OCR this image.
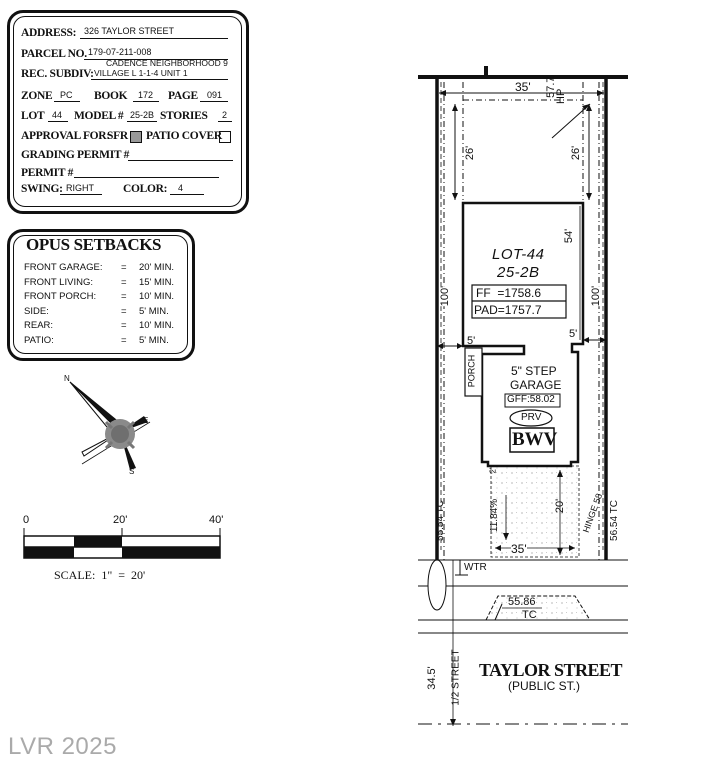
ADDRESS: 326 TAYLOR STREET
PARCEL NO. 179-07-211-008
REC. SUBDIV:
CADENCE NEIGHBORHOOD 9
VILLAGE L 1-1-4 UNIT 1
ZONE PC BOOK 172 PAGE 091
LOT 44 MODEL # 25-2B STORIES 2
APPROVAL FOR:
SFR PATIO COVER
GRADING PERMIT #
PERMIT #
SWING: RIGHT	COLOR: 4
OPUS SETBACKS
FRONT GARAGE: = 20' MIN.
FRONT LIVING:	= 15' MIN.
FRONT PORCH:	= 10' MIN.
SIDE:	= 5' MIN.
REAR:	= 10' MIN.
PATIO:	= 5' MIN.
N
E
S
0	20'	40'
SCALE:  1"  =  20'
35'	57.7
HP

26'	26'
54'
100'	100'
LOT-44
25-2B
FF  =1758.6
PAD=1757.7
5'
5'
PORCH	5" STEP
GARAGE
GFF:58.02
PRV
BWV
2'
11.84%	20' HINGE 58
35'
55.54 TC	56.54 TC
WTR
55.86
TC
34.5' 1/2 STREET TAYLOR STREET
(PUBLIC ST.)
LVR 2025
